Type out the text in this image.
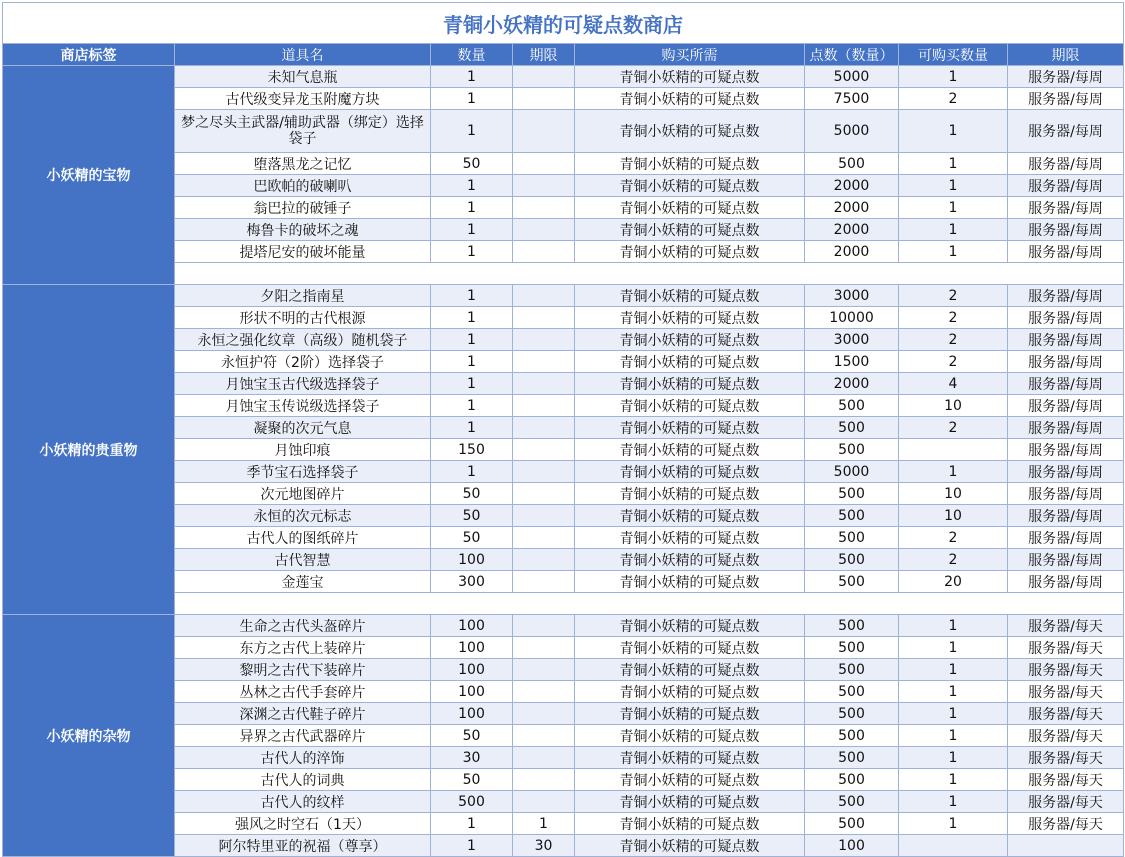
青铜小妖精的可疑点数商店							
商店标签	道具名	数量	期限	购买所需	点数（数量）	可购买数量	期限
小妖精的宝物	未知气息瓶	1		青铜小妖精的可疑点数	5000	1	服务器/每周
	古代级变异龙玉附魔方块	1		青铜小妖精的可疑点数	7500	2	服务器/每周
	梦之尽头主武器/辅助武器（绑定）选择袋子	1		青铜小妖精的可疑点数	5000	1	服务器/每周
	堕落黑龙之记忆	50		青铜小妖精的可疑点数	500	1	服务器/每周
	巴欧帕的破喇叭	1		青铜小妖精的可疑点数	2000	1	服务器/每周
	翁巴拉的破锤子	1		青铜小妖精的可疑点数	2000	1	服务器/每周
	梅鲁卡的破坏之魂	1		青铜小妖精的可疑点数	2000	1	服务器/每周
	提塔尼安的破坏能量	1		青铜小妖精的可疑点数	2000	1	服务器/每周

小妖精的贵重物	夕阳之指南星	1		青铜小妖精的可疑点数	3000	2	服务器/每周
	形状不明的古代根源	1		青铜小妖精的可疑点数	10000	2	服务器/每周
	永恒之强化纹章（高级）随机袋子	1		青铜小妖精的可疑点数	3000	2	服务器/每周
	永恒护符（2阶）选择袋子	1		青铜小妖精的可疑点数	1500	2	服务器/每周
	月蚀宝玉古代级选择袋子	1		青铜小妖精的可疑点数	2000	4	服务器/每周
	月蚀宝玉传说级选择袋子	1		青铜小妖精的可疑点数	500	10	服务器/每周
	凝聚的次元气息	1		青铜小妖精的可疑点数	500	2	服务器/每周
	月蚀印痕	150		青铜小妖精的可疑点数	500		服务器/每周
	季节宝石选择袋子	1		青铜小妖精的可疑点数	5000	1	服务器/每周
	次元地图碎片	50		青铜小妖精的可疑点数	500	10	服务器/每周
	永恒的次元标志	50		青铜小妖精的可疑点数	500	10	服务器/每周
	古代人的图纸碎片	50		青铜小妖精的可疑点数	500	2	服务器/每周
	古代智慧	100		青铜小妖精的可疑点数	500	2	服务器/每周
	金莲宝	300		青铜小妖精的可疑点数	500	20	服务器/每周

小妖精的杂物	生命之古代头盔碎片	100		青铜小妖精的可疑点数	500	1	服务器/每天
	东方之古代上装碎片	100		青铜小妖精的可疑点数	500	1	服务器/每天
	黎明之古代下装碎片	100		青铜小妖精的可疑点数	500	1	服务器/每天
	丛林之古代手套碎片	100		青铜小妖精的可疑点数	500	1	服务器/每天
	深渊之古代鞋子碎片	100		青铜小妖精的可疑点数	500	1	服务器/每天
	异界之古代武器碎片	50		青铜小妖精的可疑点数	500	1	服务器/每天
	古代人的淬饰	30		青铜小妖精的可疑点数	500	1	服务器/每天
	古代人的词典	50		青铜小妖精的可疑点数	500	1	服务器/每天
	古代人的纹样	500		青铜小妖精的可疑点数	500	1	服务器/每天
	强风之时空石（1天）	1	1	青铜小妖精的可疑点数	500	1	服务器/每天
	阿尔特里亚的祝福（尊享）	1	30	青铜小妖精的可疑点数	100		
